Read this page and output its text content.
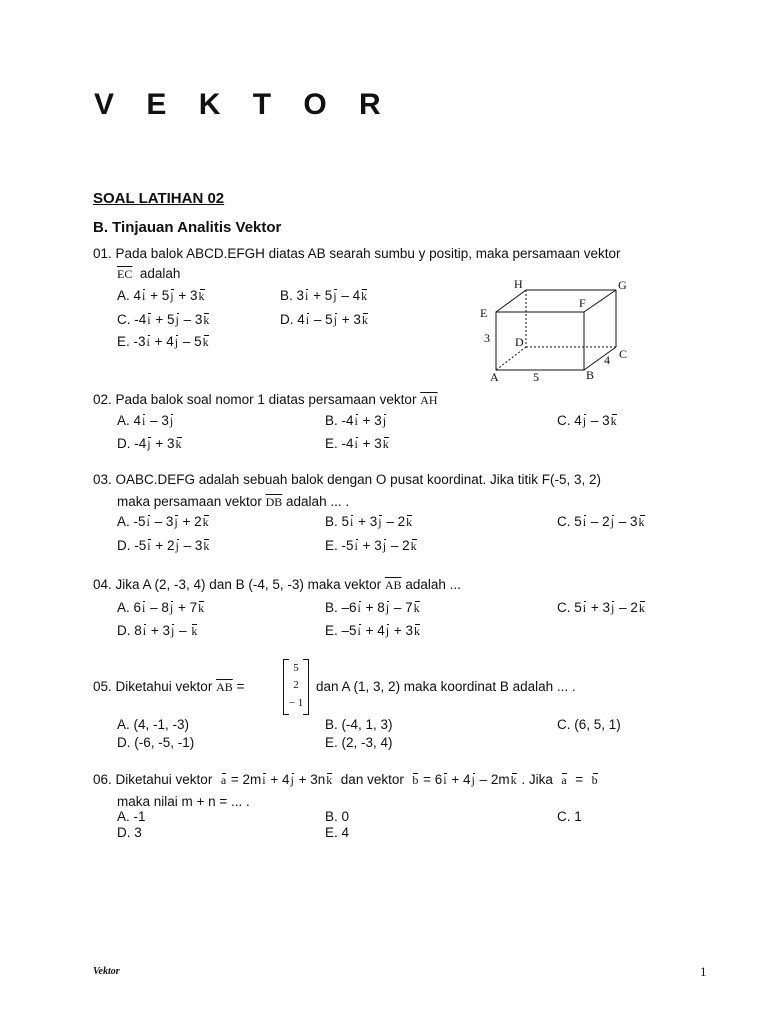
V E K T O R
SOAL LATIHAN 02
B. Tinjauan Analitis Vektor
01. Pada balok ABCD.EFGH diatas AB searah sumbu y positip, maka persamaan vektor
$\overline{EC}$ adalah
A. 4i + 5j + 3k	B. 3i + 5j – 4k
C. -4i + 5j – 3k	D. 4i – 5j + 3k
E. -3i + 4j – 5k
H	G
E
F
3 D
4 C
A	5	B
02. Pada balok soal nomor 1 diatas persamaan vektor $\overline{AH}$
A. 4i – 3j	B. -4i + 3j	C. 4j – 3k
D. -4j + 3k	E. -4i + 3k
03. OABC.DEFG adalah sebuah balok dengan O pusat koordinat. Jika titik F(-5, 3, 2)
maka persamaan vektor $\overline{DB}$ adalah ... .
A. -5i – 3j + 2k	B. 5i + 3j – 2k	C. 5i – 2j – 3k
D. -5i + 2j – 3k	E. -5i + 3j – 2k
04. Jika A (2, -3, 4) dan B (-4, 5, -3) maka vektor $\overline{AB}$ adalah ...
A. 6i – 8j + 7k	B. –6i + 8j – 7k	C. 5i + 3j – 2k
D. 8i + 3j – k	E. –5i + 4j + 3k
05. Diketahui vektor $\overline{AB}$ =
5
2
− 1
dan A (1, 3, 2) maka koordinat B adalah ... .
A. (4, -1, -3)	B. (-4, 1, 3)	C. (6, 5, 1)
D. (-6, -5, -1)	E. (2, -3, 4)
06. Diketahui vektor a = 2mi + 4j + 3nk  dan vektor  b = 6i + 4j – 2mk . Jika  a  =  b
maka nilai m + n = ... .
A. -1	B. 0	C. 1
D. 3	E. 4
Vektor	1
